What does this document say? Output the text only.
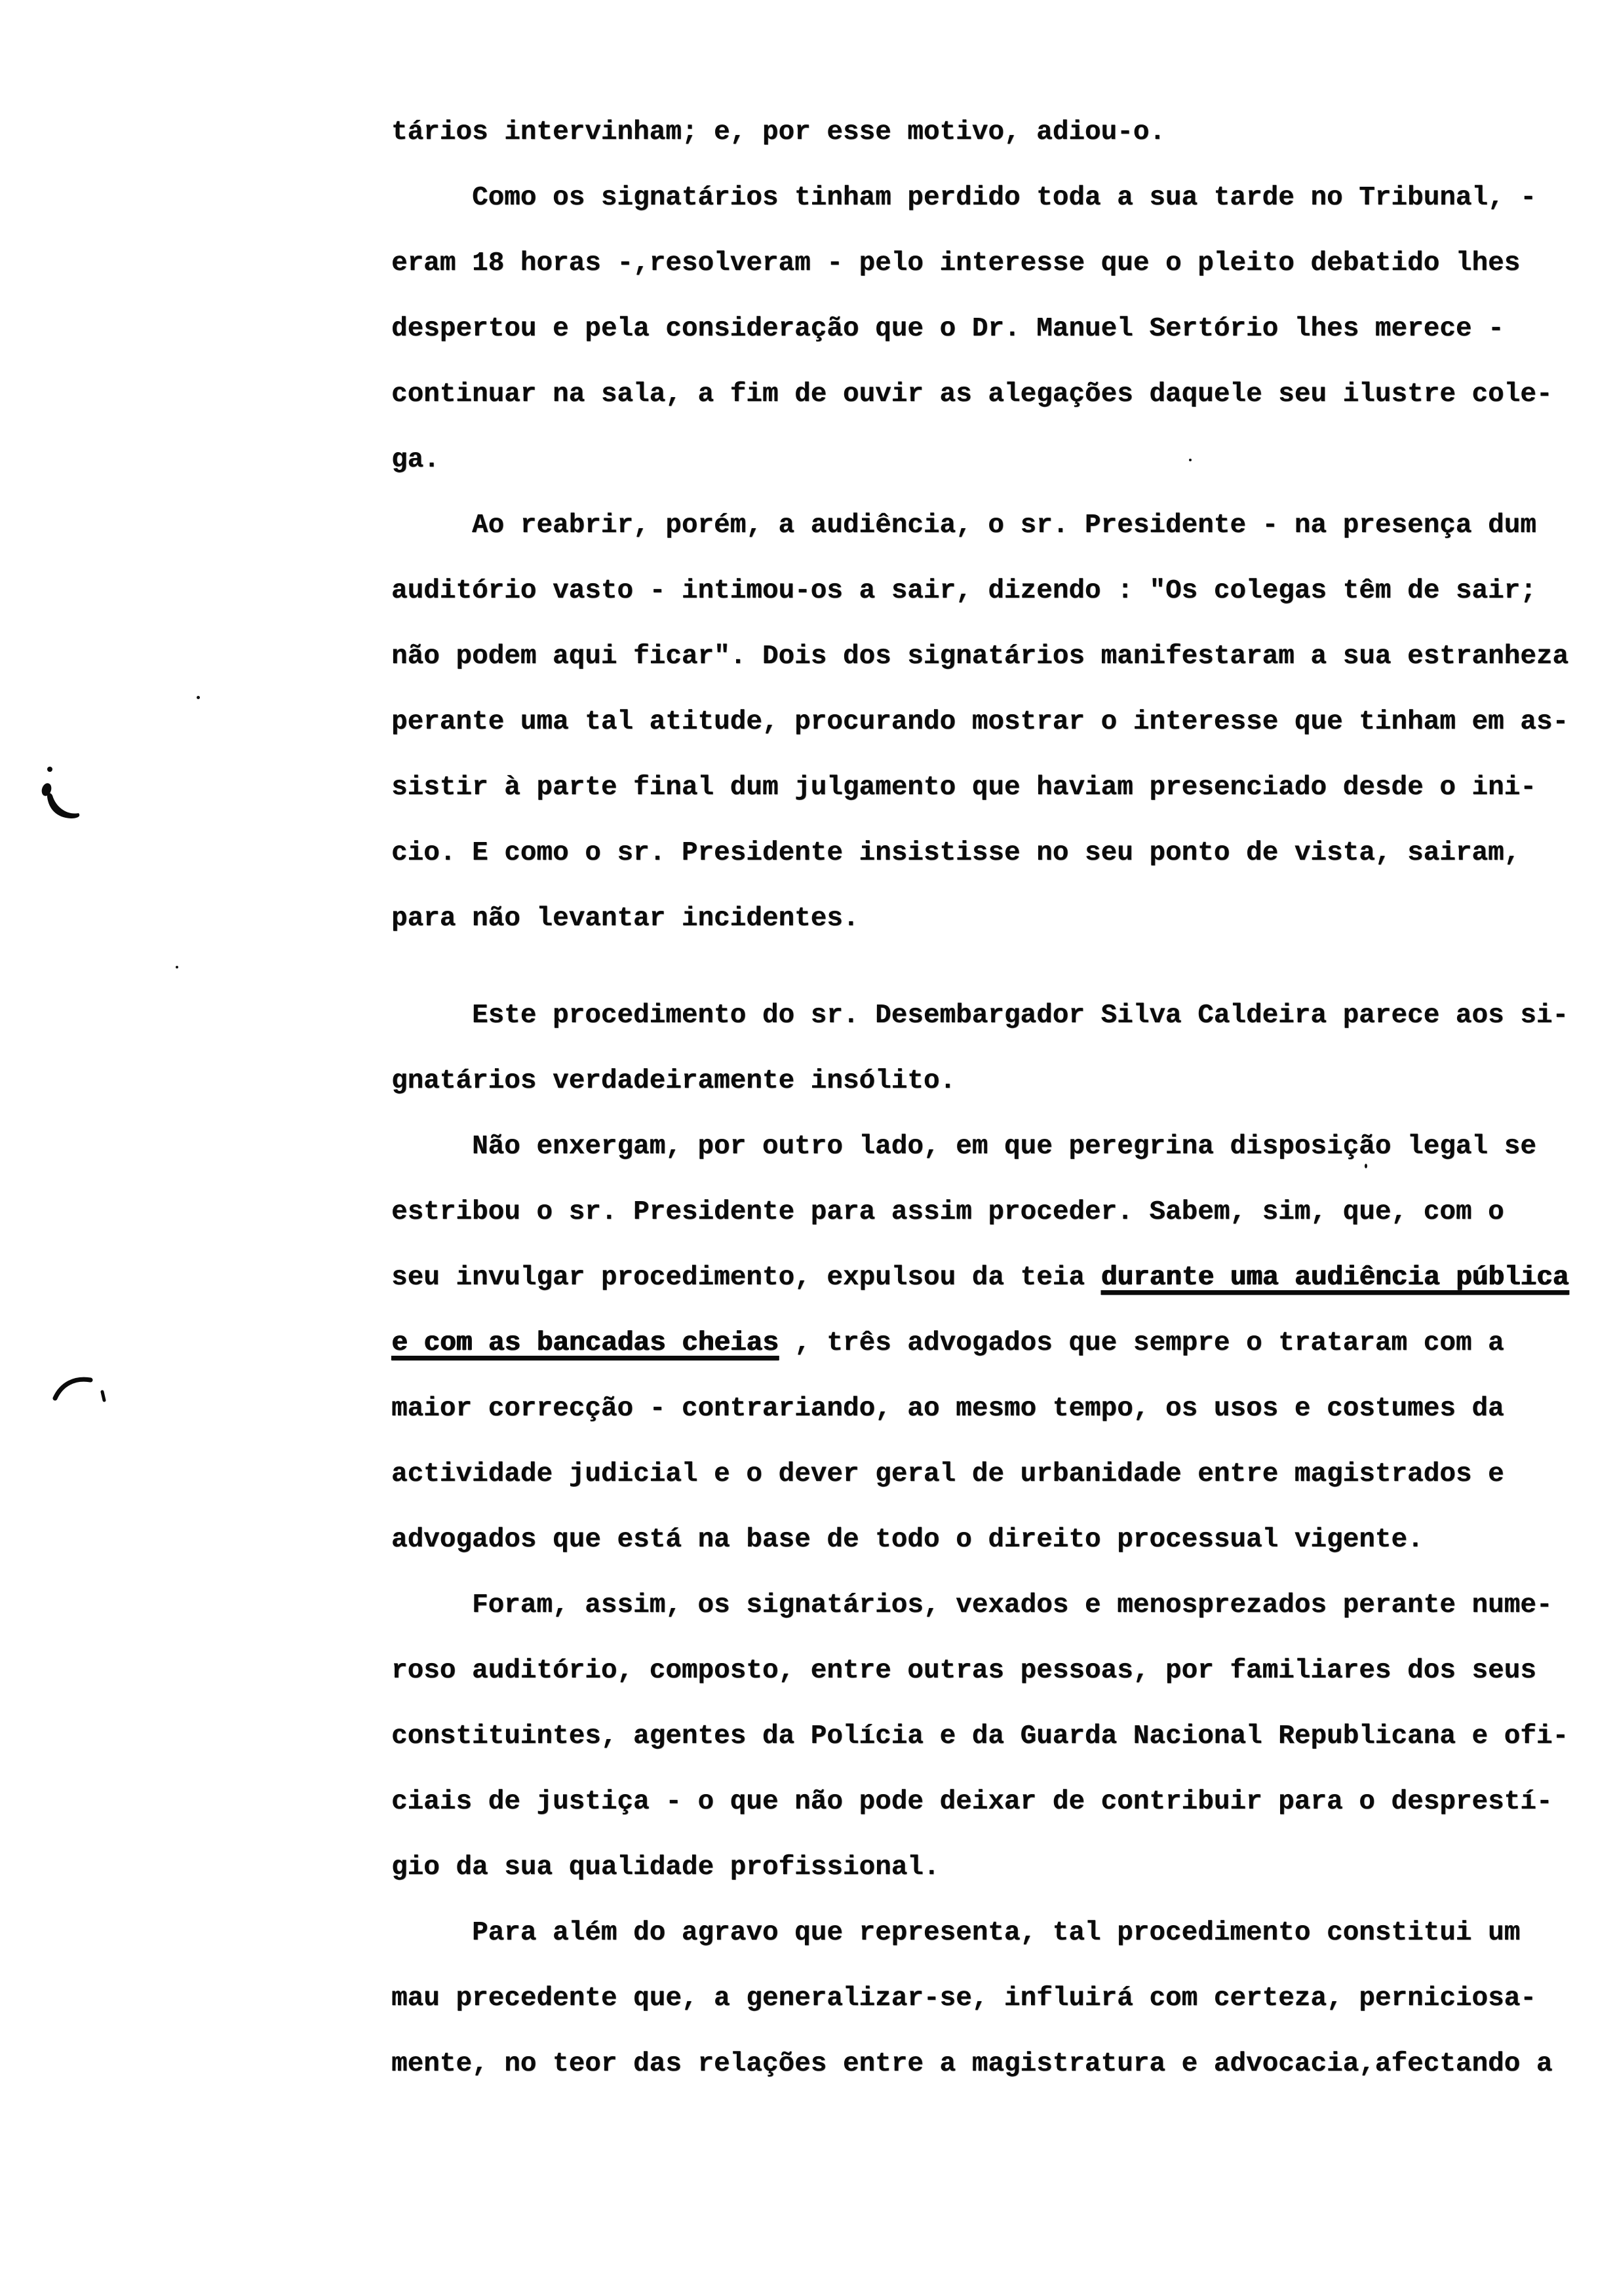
tários intervinham; e, por esse motivo, adiou-o.
Como os signatários tinham perdido toda a sua tarde no Tribunal, -
eram 18 horas -,resolveram - pelo interesse que o pleito debatido lhes
despertou e pela consideração que o Dr. Manuel Sertório lhes merece -
continuar na sala, a fim de ouvir as alegações daquele seu ilustre cole-
ga.
Ao reabrir, porém, a audiência, o sr. Presidente - na presença dum
auditório vasto - intimou-os a sair, dizendo : "Os colegas têm de sair;
não podem aqui ficar". Dois dos signatários manifestaram a sua estranheza
perante uma tal atitude, procurando mostrar o interesse que tinham em as-
sistir à parte final dum julgamento que haviam presenciado desde o ini-
cio. E como o sr. Presidente insistisse no seu ponto de vista, sairam,
para não levantar incidentes.
Este procedimento do sr. Desembargador Silva Caldeira parece aos si-
gnatários verdadeiramente insólito.
Não enxergam, por outro lado, em que peregrina disposição legal se
estribou o sr. Presidente para assim proceder. Sabem, sim, que, com o
seu invulgar procedimento, expulsou da teia durante uma audiência pública
e com as bancadas cheias , três advogados que sempre o trataram com a
maior correcção - contrariando, ao mesmo tempo, os usos e costumes da
actividade judicial e o dever geral de urbanidade entre magistrados e
advogados que está na base de todo o direito processual vigente.
Foram, assim, os signatários, vexados e menosprezados perante nume-
roso auditório, composto, entre outras pessoas, por familiares dos seus
constituintes, agentes da Polícia e da Guarda Nacional Republicana e ofi-
ciais de justiça - o que não pode deixar de contribuir para o desprestí-
gio da sua qualidade profissional.
Para além do agravo que representa, tal procedimento constitui um
mau precedente que, a generalizar-se, influirá com certeza, perniciosa-
mente, no teor das relações entre a magistratura e advocacia,afectando a
